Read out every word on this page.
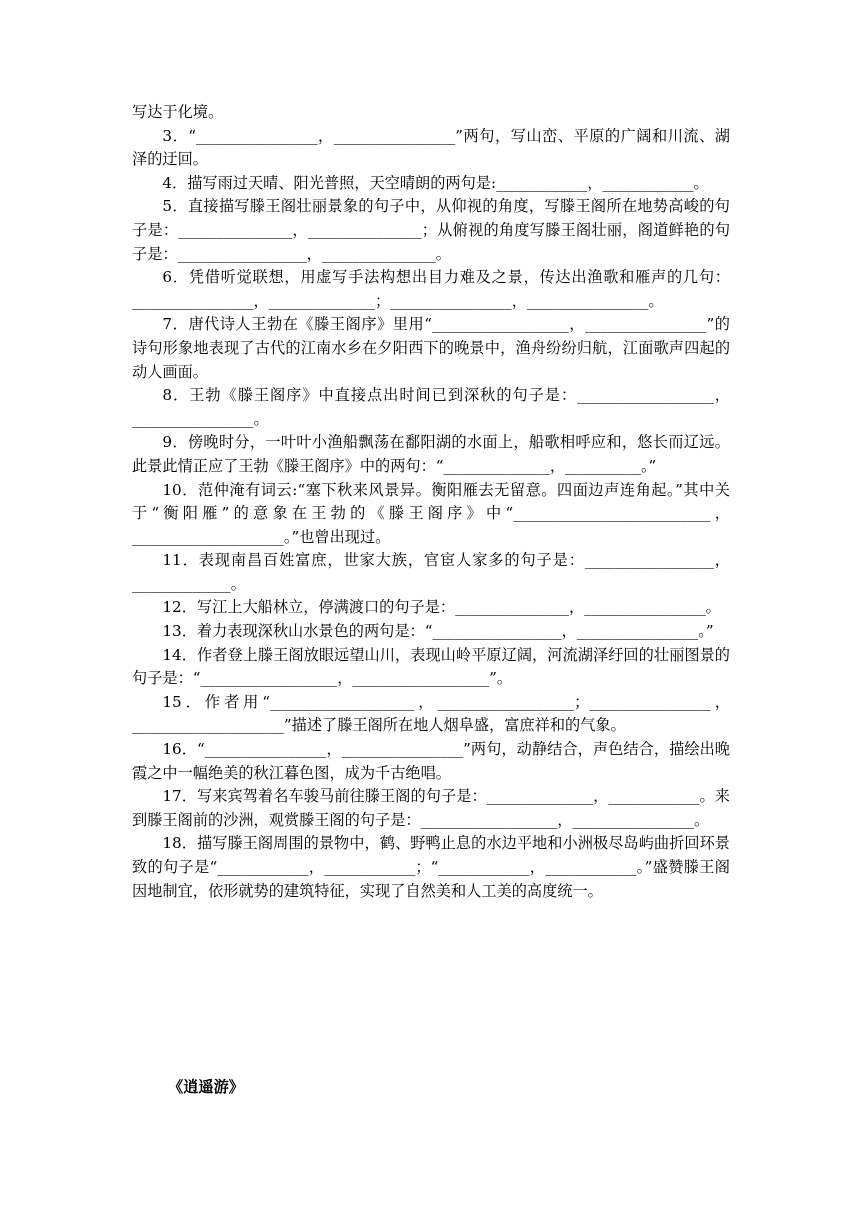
写达于化境。

3．“________________，________________”两句，写山峦、平原的广阔和川流、湖泽的迂回。

4．描写雨过天晴、阳光普照，天空晴朗的两句是:____________，____________。

5．直接描写滕王阁壮丽景象的句子中，从仰视的角度，写滕王阁所在地势高峻的句子是：_______________，_______________；从俯视的角度写滕王阁壮丽，阁道鲜艳的句子是：_________________，_______________。

6．凭借听觉联想，用虚写手法构想出目力难及之景，传达出渔歌和雁声的几句：________________，______________；________________，________________。

7．唐代诗人王勃在《滕王阁序》里用“__________________，________________”的诗句形象地表现了古代的江南水乡在夕阳西下的晚景中，渔舟纷纷归航，江面歌声四起的动人画面。

8．王勃《滕王阁序》中直接点出时间已到深秋的句子是：__________________，________________。

9．傍晚时分，一叶叶小渔船飘荡在鄱阳湖的水面上，船歌相呼应和，悠长而辽远。此景此情正应了王勃《滕王阁序》中的两句：“______________，__________。”

10．范仲淹有词云:“塞下秋来风景异。衡阳雁去无留意。四面边声连角起。”其中关于“衡阳雁”的意象在王勃的《滕王阁序》中“__________________________，____________________。”也曾出现过。

11．表现南昌百姓富庶，世家大族，官宦人家多的句子是：_________________，_____________。

12．写江上大船林立，停满渡口的句子是：_______________，________________。

13．着力表现深秋山水景色的两句是：“_________________，________________。”

14．作者登上滕王阁放眼远望山川，表现山岭平原辽阔，河流湖泽纡回的壮丽图景的句子是：“__________________，__________________”。

15．作者用“___________________，__________________；________________，____________________”描述了滕王阁所在地人烟阜盛，富庶祥和的气象。

16．“________________，________________”两句，动静结合，声色结合，描绘出晚霞之中一幅绝美的秋江暮色图，成为千古绝唱。

17．写来宾驾着名车骏马前往滕王阁的句子是：______________，____________。来到滕王阁前的沙洲，观赏滕王阁的句子是：__________________，________________。

18．描写滕王阁周围的景物中，鹤、野鸭止息的水边平地和小洲极尽岛屿曲折回环景致的句子是“____________，____________；“____________，____________。”盛赞滕王阁因地制宜，依形就势的建筑特征，实现了自然美和人工美的高度统一。

《逍遥游》
